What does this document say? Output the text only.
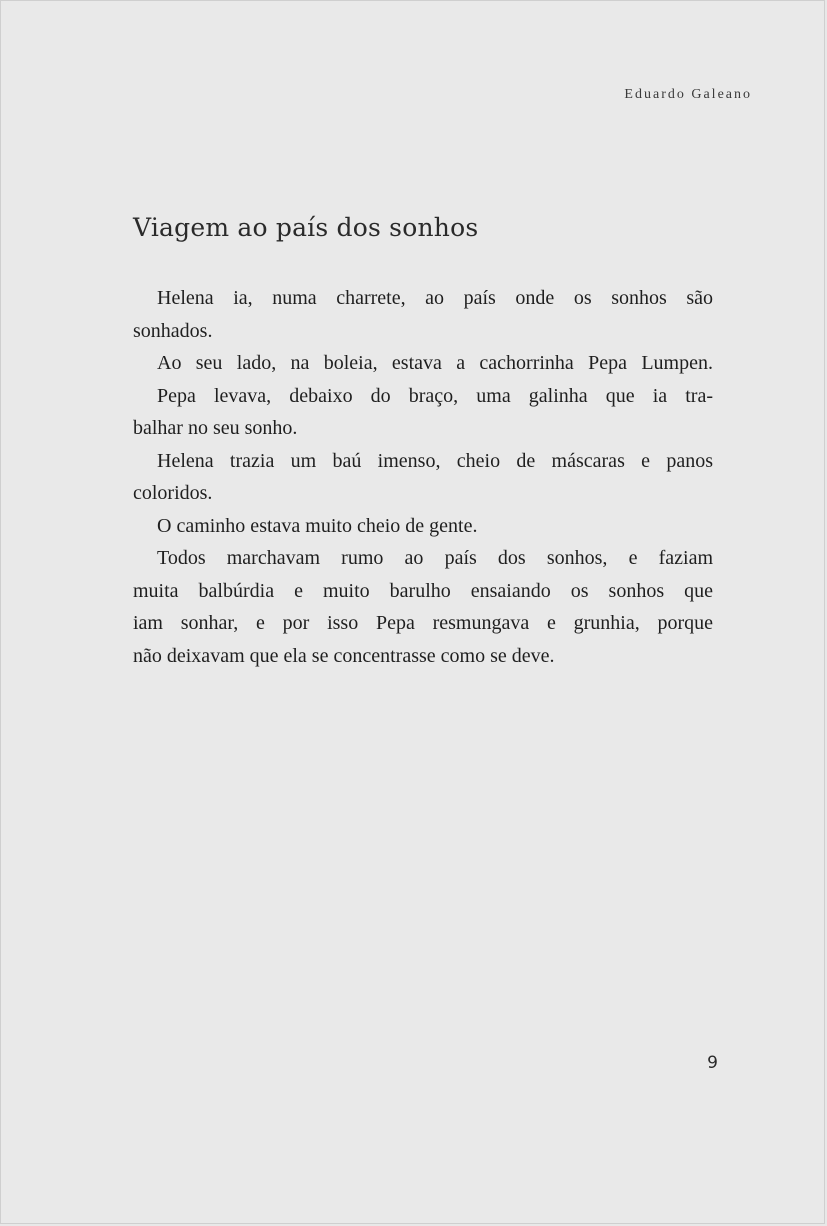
Eduardo Galeano
Viagem ao país dos sonhos
Helena ia, numa charrete, ao país onde os sonhos são
sonhados.
Ao seu lado, na boleia, estava a cachorrinha Pepa Lumpen.
Pepa levava, debaixo do braço, uma galinha que ia tra-
balhar no seu sonho.
Helena trazia um baú imenso, cheio de máscaras e panos
coloridos.
O caminho estava muito cheio de gente.
Todos marchavam rumo ao país dos sonhos, e faziam
muita balbúrdia e muito barulho ensaiando os sonhos que
iam sonhar, e por isso Pepa resmungava e grunhia, porque
não deixavam que ela se concentrasse como se deve.
9
